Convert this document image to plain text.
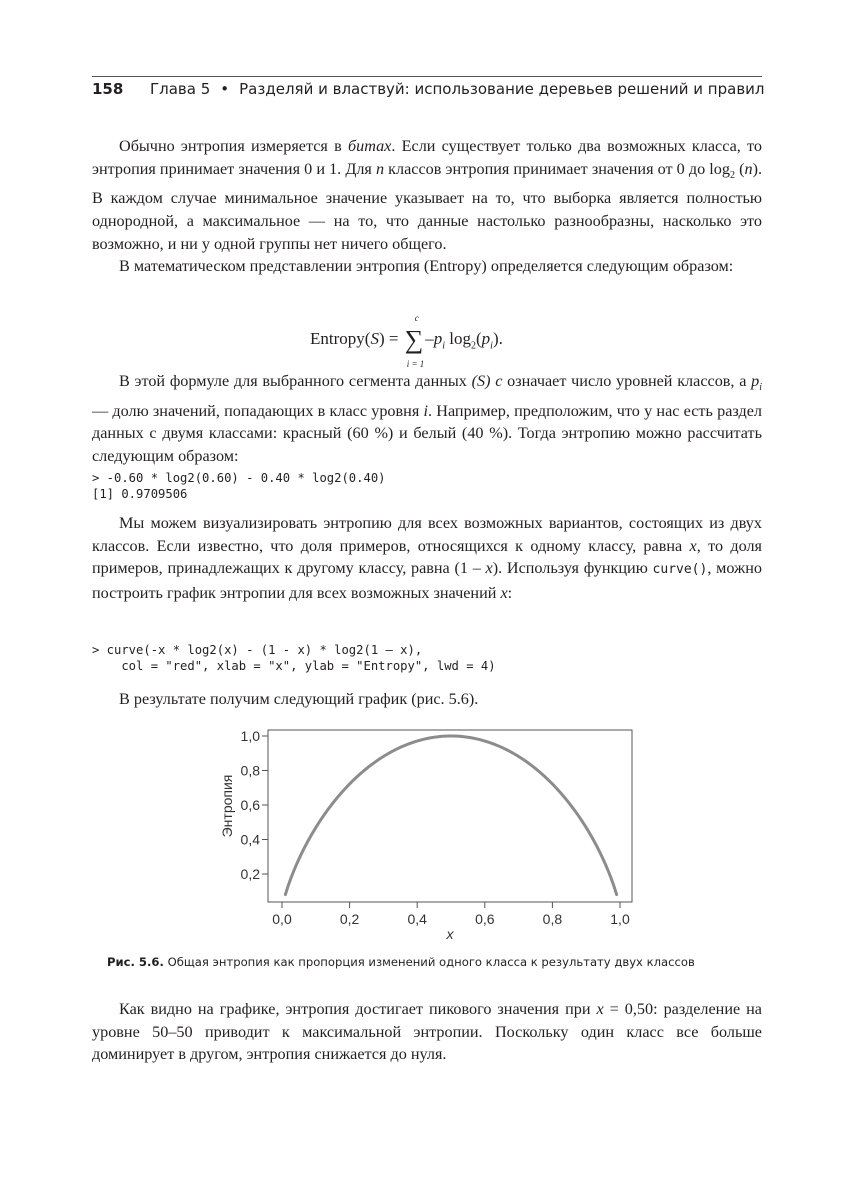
158 Глава 5 • Разделяй и властвуй: использование деревьев решений и правил

Обычно энтропия измеряется в битах. Если существует только два возможных класса, то энтропия принимает значения 0 и 1. Для n классов энтропия принимает значения от 0 до $\log_2 (n)$. В каждом случае минимальное значение указывает на то, что выборка является полностью однородной, а максимальное — на то, что данные настолько разнообразны, насколько это возможно, и ни у одной группы нет ничего общего.

В математическом представлении энтропия (Entropy) определяется следующим образом:

Entropy(S) = ∑
c
i = 1
$-p_i$ $\log_2(p_i)$.

В этой формуле для выбранного сегмента данных (S) c означает число уровней классов, а $p_i$ — долю значений, попадающих в класс уровня i. Например, предположим, что у нас есть раздел данных с двумя классами: красный (60 %) и белый (40 %). Тогда энтропию можно рассчитать следующим образом:

> -0.60 * log2(0.60) - 0.40 * log2(0.40)
[1] 0.9709506

Мы можем визуализировать энтропию для всех возможных вариантов, состоящих из двух классов. Если известно, что доля примеров, относящихся к одному классу, равна x, то доля примеров, принадлежащих к другому классу, равна (1 – x). Используя функцию curve(), можно построить график энтропии для всех возможных значений x:

> curve(-x * log2(x) - (1 - x) * log2(1 – x),
col = "red", xlab = "x", ylab = "Entropy", lwd = 4)

В результате получим следующий график (рис. 5.6).

0,0	0,2	0,4	0,6	0,8	1,0
0,2
0,4
0,6
0,8
1,0
x
Энтропия
Рис. 5.6. Общая энтропия как пропорция изменений одного класса к результату двух классов

Как видно на графике, энтропия достигает пикового значения при x = 0,50: разделение на уровне 50–50 приводит к максимальной энтропии. Поскольку один класс все больше доминирует в другом, энтропия снижается до нуля.
